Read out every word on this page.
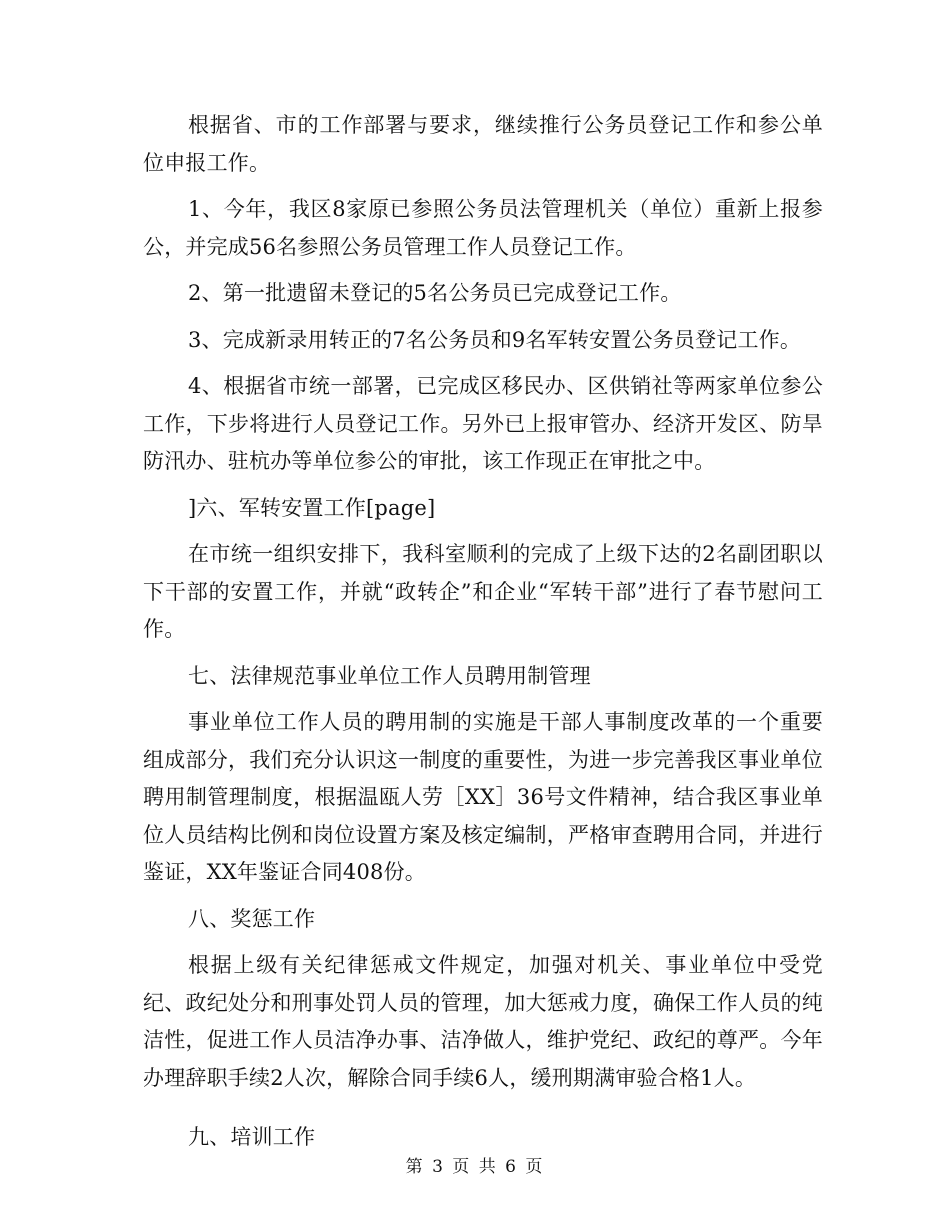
根据省、市的工作部署与要求，继续推行公务员登记工作和参公单位申报工作。

1、今年，我区8家原已参照公务员法管理机关（单位）重新上报参公，并完成56名参照公务员管理工作人员登记工作。

2、第一批遗留未登记的5名公务员已完成登记工作。

3、完成新录用转正的7名公务员和9名军转安置公务员登记工作。

4、根据省市统一部署，已完成区移民办、区供销社等两家单位参公工作，下步将进行人员登记工作。另外已上报审管办、经济开发区、防旱防汛办、驻杭办等单位参公的审批，该工作现正在审批之中。

]六、军转安置工作[page]

在市统一组织安排下，我科室顺利的完成了上级下达的2名副团职以下干部的安置工作，并就“政转企”和企业“军转干部”进行了春节慰问工作。

七、法律规范事业单位工作人员聘用制管理

事业单位工作人员的聘用制的实施是干部人事制度改革的一个重要组成部分，我们充分认识这一制度的重要性，为进一步完善我区事业单位聘用制管理制度，根据温瓯人劳［XX］36号文件精神，结合我区事业单位人员结构比例和岗位设置方案及核定编制，严格审查聘用合同，并进行鉴证，XX年鉴证合同408份。

八、奖惩工作

根据上级有关纪律惩戒文件规定，加强对机关、事业单位中受党纪、政纪处分和刑事处罚人员的管理，加大惩戒力度，确保工作人员的纯洁性，促进工作人员洁净办事、洁净做人，维护党纪、政纪的尊严。今年办理辞职手续2人次，解除合同手续6人，缓刑期满审验合格1人。

九、培训工作

第 3 页 共 6 页
